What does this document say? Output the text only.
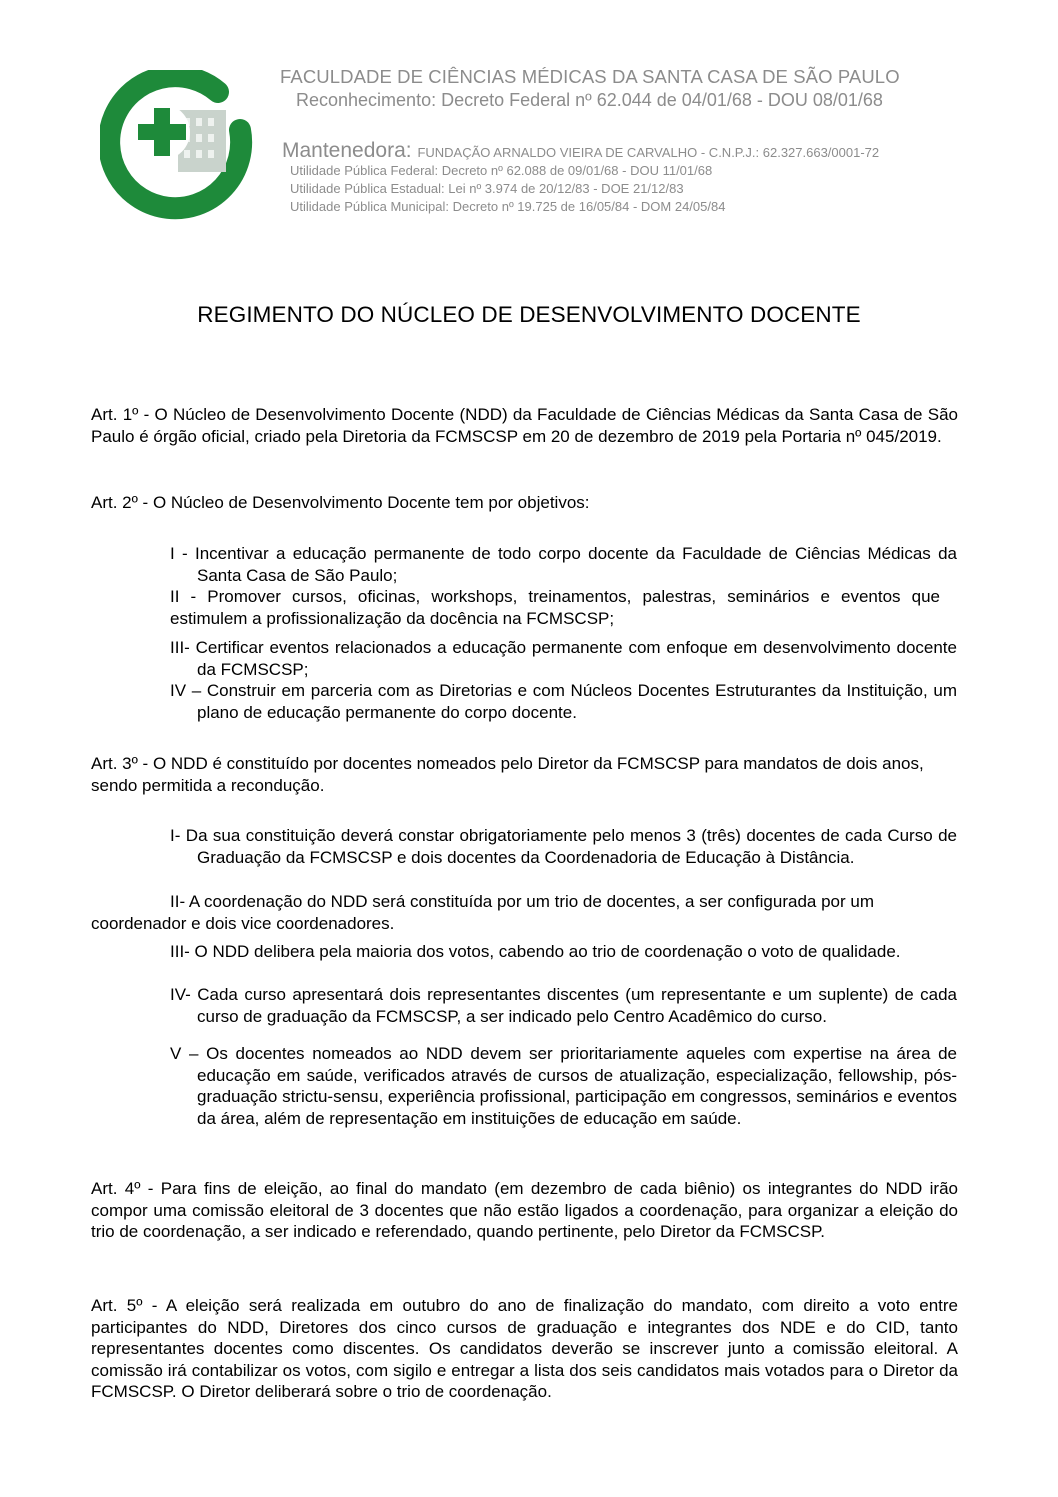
FACULDADE DE CIÊNCIAS MÉDICAS DA SANTA CASA DE SÃO PAULO
Reconhecimento: Decreto Federal nº 62.044 de 04/01/68 - DOU 08/01/68
Mantenedora: FUNDAÇÃO ARNALDO VIEIRA DE CARVALHO - C.N.P.J.: 62.327.663/0001-72
Utilidade Pública Federal: Decreto nº 62.088 de 09/01/68 - DOU 11/01/68
Utilidade Pública Estadual: Lei nº 3.974 de 20/12/83 - DOE 21/12/83
Utilidade Pública Municipal: Decreto nº 19.725 de 16/05/84 - DOM 24/05/84
REGIMENTO DO NÚCLEO DE DESENVOLVIMENTO DOCENTE
Art. 1º - O Núcleo de Desenvolvimento Docente (NDD) da Faculdade de Ciências Médicas da Santa Casa de São Paulo é órgão oficial, criado pela Diretoria da FCMSCSP em 20 de dezembro de 2019 pela Portaria nº 045/2019.
Art. 2º - O Núcleo de Desenvolvimento Docente tem por objetivos:
I - Incentivar a educação permanente de todo corpo docente da Faculdade de Ciências Médicas da Santa Casa de São Paulo;
II - Promover cursos, oficinas, workshops, treinamentos, palestras, seminários e eventos que estimulem a profissionalização da docência na FCMSCSP;
III- Certificar eventos relacionados a educação permanente com enfoque em desenvolvimento docente da FCMSCSP;
IV – Construir em parceria com as Diretorias e com Núcleos Docentes Estruturantes da Instituição, um plano de educação permanente do corpo docente.
Art. 3º - O NDD é constituído por docentes nomeados pelo Diretor da FCMSCSP para mandatos de dois anos, sendo permitida a recondução.
I- Da sua constituição deverá constar obrigatoriamente pelo menos 3 (três) docentes de cada Curso de Graduação da FCMSCSP e dois docentes da Coordenadoria de Educação à Distância.
II- A coordenação do NDD será constituída por um trio de docentes, a ser configurada por um coordenador e dois vice coordenadores.
III- O NDD delibera pela maioria dos votos, cabendo ao trio de coordenação o voto de qualidade.
IV- Cada curso apresentará dois representantes discentes (um representante e um suplente) de cada curso de graduação da FCMSCSP, a ser indicado pelo Centro Acadêmico do curso.
V – Os docentes nomeados ao NDD devem ser prioritariamente aqueles com expertise na área de educação em saúde, verificados através de cursos de atualização, especialização, fellowship, pós-graduação strictu-sensu, experiência profissional, participação em congressos, seminários e eventos da área, além de representação em instituições de educação em saúde.
Art. 4º - Para fins de eleição, ao final do mandato (em dezembro de cada biênio) os integrantes do NDD irão compor uma comissão eleitoral de 3 docentes que não estão ligados a coordenação, para organizar a eleição do trio de coordenação, a ser indicado e referendado, quando pertinente, pelo Diretor da FCMSCSP.
Art. 5º - A eleição será realizada em outubro do ano de finalização do mandato, com direito a voto entre participantes do NDD, Diretores dos cinco cursos de graduação e integrantes dos NDE e do CID, tanto representantes docentes como discentes. Os candidatos deverão se inscrever junto a comissão eleitoral. A comissão irá contabilizar os votos, com sigilo e entregar a lista dos seis candidatos mais votados para o Diretor da FCMSCSP. O Diretor deliberará sobre o trio de coordenação.
